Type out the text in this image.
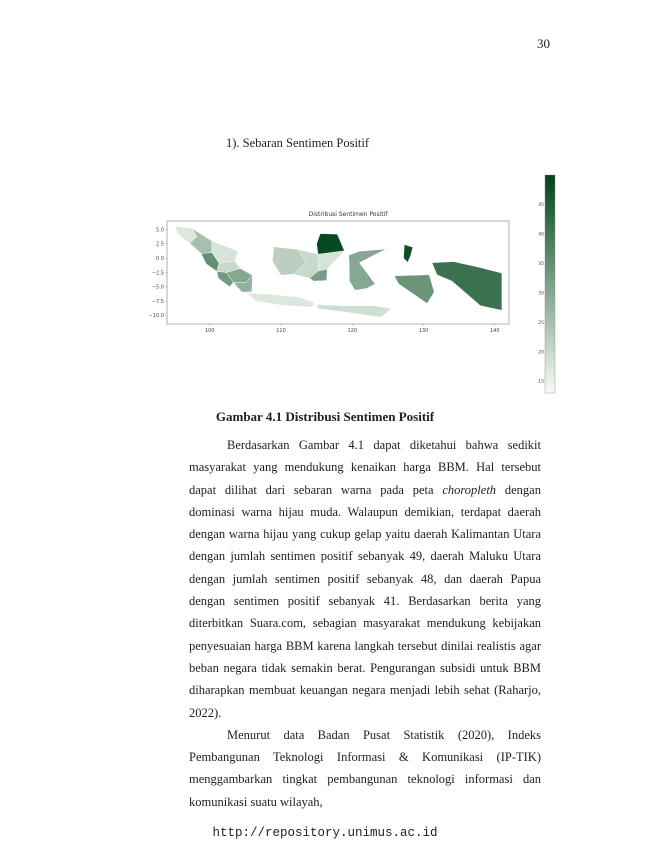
30
1). Sebaran Sentimen Positif
Distribusi Sentimen Positif
5.0
2.5
0.0
−2.5
−5.0
−7.5
−10.0
100	110	120	130	140
45
40
35
30
25
20
15
Gambar 4.1 Distribusi Sentimen Positif

Berdasarkan Gambar 4.1 dapat diketahui bahwa sedikit masyarakat yang mendukung kenaikan harga BBM. Hal tersebut dapat dilihat dari sebaran warna pada peta choropleth dengan dominasi warna hijau muda. Walaupun demikian, terdapat daerah dengan warna hijau yang cukup gelap yaitu daerah Kalimantan Utara dengan jumlah sentimen positif sebanyak 49, daerah Maluku Utara dengan jumlah sentimen positif sebanyak 48, dan daerah Papua dengan sentimen positif sebanyak 41. Berdasarkan berita yang diterbitkan Suara.com, sebagian masyarakat mendukung kebijakan penyesuaian harga BBM karena langkah tersebut dinilai realistis agar beban negara tidak semakin berat. Pengurangan subsidi untuk BBM diharapkan membuat keuangan negara menjadi lebih sehat (Raharjo, 2022).

Menurut data Badan Pusat Statistik (2020), Indeks Pembangunan Teknologi Informasi & Komunikasi (IP-TIK) menggambarkan tingkat pembangunan teknologi informasi dan komunikasi suatu wilayah,

http://repository.unimus.ac.id
